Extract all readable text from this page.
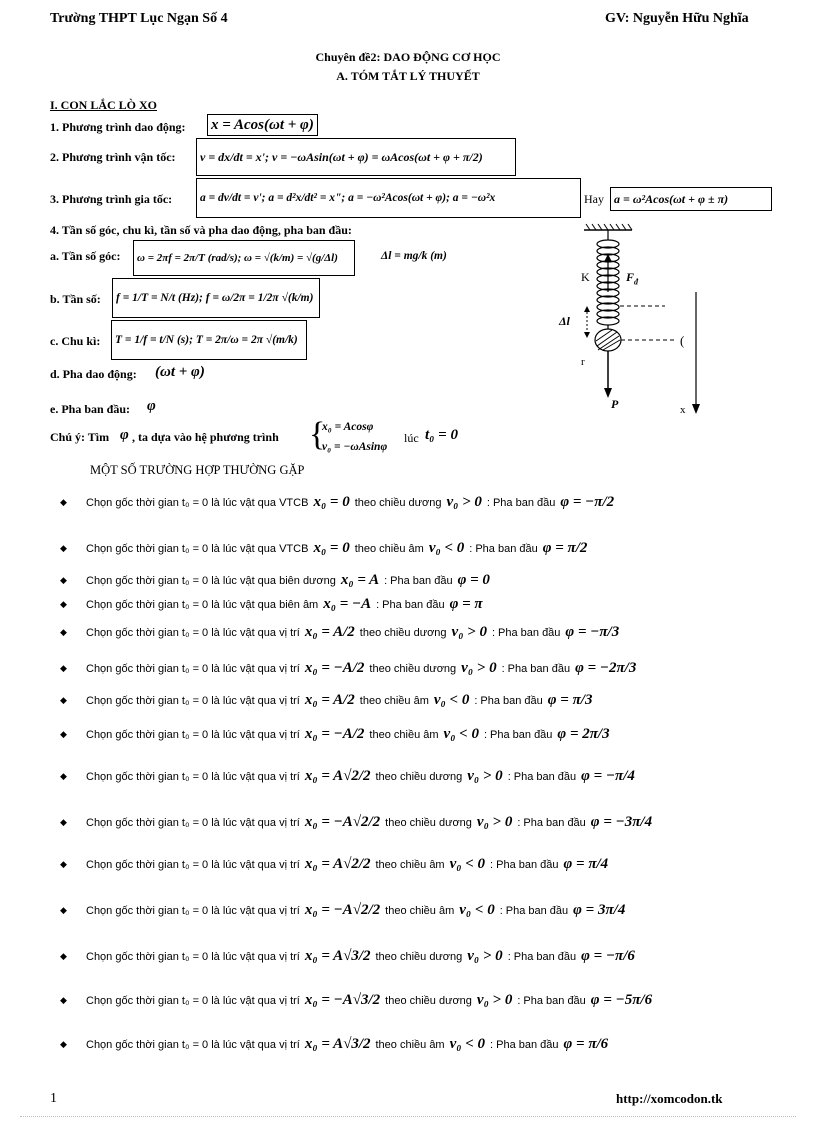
Trường THPT Lục Ngạn Số 4	GV: Nguyễn Hữu Nghĩa
Chuyên đề2: DAO ĐỘNG CƠ HỌC
A. TÓM TẮT LÝ THUYẾT
I. CON LẮC LÒ XO
1. Phương trình dao động: x = Acos(ωt + φ)
2. Phương trình vận tốc:	v = dx/dt = x'; v = −ωAsin(ωt + φ) = ωAcos(ωt + φ + π/2)
3. Phương trình gia tốc:	a = dv/dt = v'; a = d²x/dt² = x"; a = −ω²Acos(ωt + φ); a = −ω²x	Hay a = ω²Acos(ωt + φ ± π)
4. Tần số góc, chu kì, tần số và pha dao động, pha ban đầu:
a. Tần số góc:	ω = 2πf = 2π/T (rad/s); ω = √(k/m) = √(g/Δl)	Δl = mg/k (m)
b. Tần số:	f = 1/T = N/t (Hz); f = ω/2π = 1/2π √(k/m)
c. Chu kì:	T = 1/f = t/N (s); T = 2π/ω = 2π √(m/k)
d. Pha dao động: (ωt + φ)
e. Pha ban đầu: φ
Chú ý: Tìm φ , ta dựa vào hệ phương trình {
x₀ = Acosφ
v₀ = −ωAsinφ
lúc t₀ = 0
MỘT SỐ TRƯỜNG HỢP THƯỜNG GẶP
K	$F_đ$
Δl
r
P
(
x
◆	Chọn gốc thời gian t₀ = 0 là lúc vật qua VTCB x₀ = 0 theo chiều dương v₀ > 0 : Pha ban đầu φ = −π/2
◆	Chọn gốc thời gian t₀ = 0 là lúc vật qua VTCB x₀ = 0 theo chiều âm v₀ < 0 : Pha ban đầu φ = π/2
◆	Chọn gốc thời gian t₀ = 0 là lúc vật qua biên dương x₀ = A : Pha ban đầu φ = 0
◆	Chọn gốc thời gian t₀ = 0 là lúc vật qua biên âm x₀ = −A : Pha ban đầu φ = π
◆	Chọn gốc thời gian t₀ = 0 là lúc vật qua vị trí x₀ = A/2 theo chiều dương v₀ > 0 : Pha ban đầu φ = −π/3
◆	Chọn gốc thời gian t₀ = 0 là lúc vật qua vị trí x₀ = −A/2 theo chiều dương v₀ > 0 : Pha ban đầu φ = −2π/3
◆	Chọn gốc thời gian t₀ = 0 là lúc vật qua vị trí x₀ = A/2 theo chiều âm v₀ < 0 : Pha ban đầu φ = π/3
◆	Chọn gốc thời gian t₀ = 0 là lúc vật qua vị trí x₀ = −A/2 theo chiều âm v₀ < 0 : Pha ban đầu φ = 2π/3
◆	Chọn gốc thời gian t₀ = 0 là lúc vật qua vị trí x₀ = A√2/2 theo chiều dương v₀ > 0 : Pha ban đầu φ = −π/4
◆	Chọn gốc thời gian t₀ = 0 là lúc vật qua vị trí x₀ = −A√2/2 theo chiều dương v₀ > 0 : Pha ban đầu φ = −3π/4
◆	Chọn gốc thời gian t₀ = 0 là lúc vật qua vị trí x₀ = A√2/2 theo chiều âm v₀ < 0 : Pha ban đầu φ = π/4
◆	Chọn gốc thời gian t₀ = 0 là lúc vật qua vị trí x₀ = −A√2/2 theo chiều âm v₀ < 0 : Pha ban đầu φ = 3π/4
◆	Chọn gốc thời gian t₀ = 0 là lúc vật qua vị trí x₀ = A√3/2 theo chiều dương v₀ > 0 : Pha ban đầu φ = −π/6
◆	Chọn gốc thời gian t₀ = 0 là lúc vật qua vị trí x₀ = −A√3/2 theo chiều dương v₀ > 0 : Pha ban đầu φ = −5π/6
◆	Chọn gốc thời gian t₀ = 0 là lúc vật qua vị trí x₀ = A√3/2 theo chiều âm v₀ < 0 : Pha ban đầu φ = π/6
1	http://xomcodon.tk
